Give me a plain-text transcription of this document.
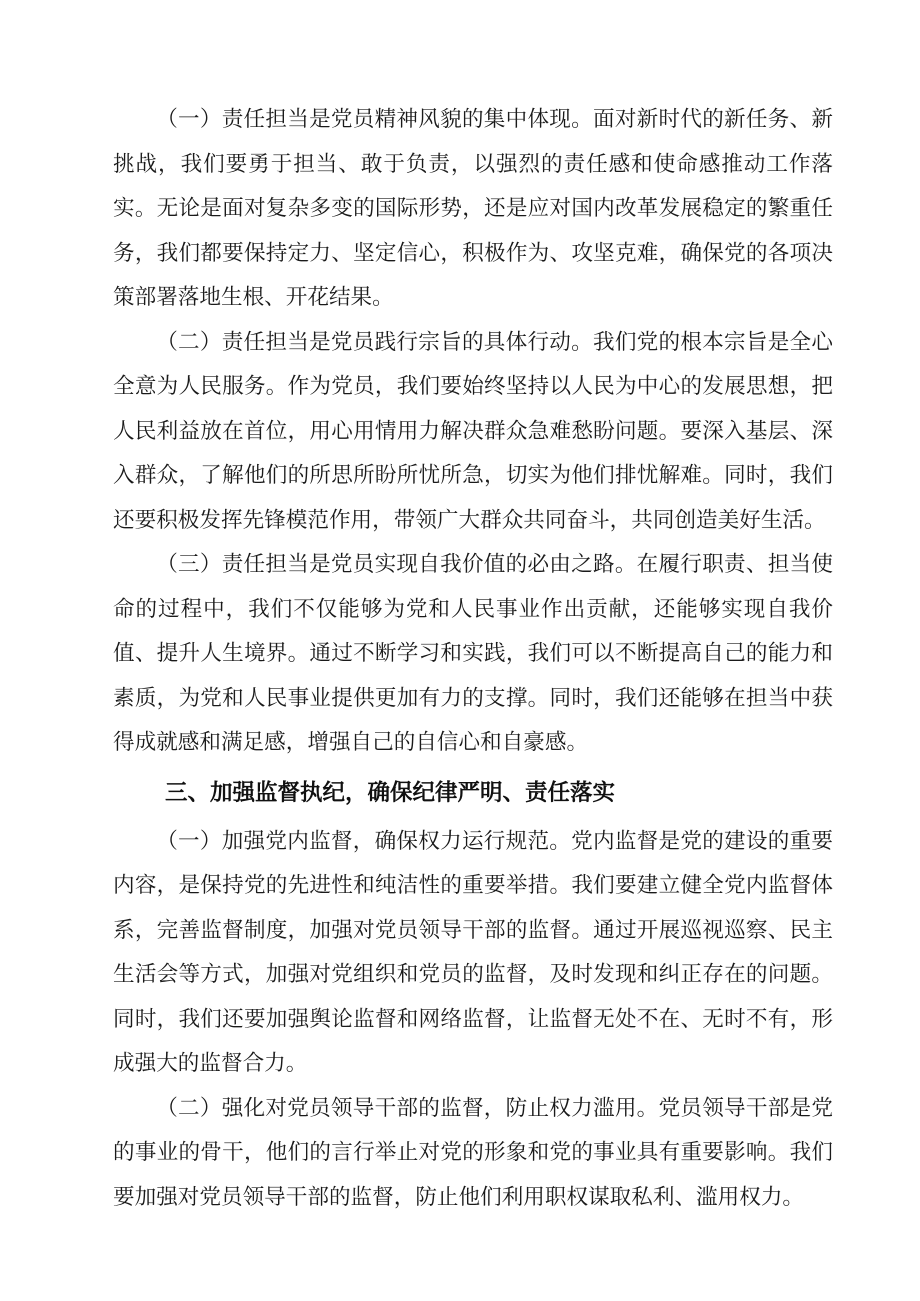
（一）责任担当是党员精神风貌的集中体现。面对新时代的新任务、新挑战，我们要勇于担当、敢于负责，以强烈的责任感和使命感推动工作落实。无论是面对复杂多变的国际形势，还是应对国内改革发展稳定的繁重任务，我们都要保持定力、坚定信心，积极作为、攻坚克难，确保党的各项决策部署落地生根、开花结果。

（二）责任担当是党员践行宗旨的具体行动。我们党的根本宗旨是全心全意为人民服务。作为党员，我们要始终坚持以人民为中心的发展思想，把人民利益放在首位，用心用情用力解决群众急难愁盼问题。要深入基层、深入群众，了解他们的所思所盼所忧所急，切实为他们排忧解难。同时，我们还要积极发挥先锋模范作用，带领广大群众共同奋斗，共同创造美好生活。

（三）责任担当是党员实现自我价值的必由之路。在履行职责、担当使命的过程中，我们不仅能够为党和人民事业作出贡献，还能够实现自我价值、提升人生境界。通过不断学习和实践，我们可以不断提高自己的能力和素质，为党和人民事业提供更加有力的支撑。同时，我们还能够在担当中获得成就感和满足感，增强自己的自信心和自豪感。

三、加强监督执纪，确保纪律严明、责任落实

（一）加强党内监督，确保权力运行规范。党内监督是党的建设的重要内容，是保持党的先进性和纯洁性的重要举措。我们要建立健全党内监督体系，完善监督制度，加强对党员领导干部的监督。通过开展巡视巡察、民主生活会等方式，加强对党组织和党员的监督，及时发现和纠正存在的问题。同时，我们还要加强舆论监督和网络监督，让监督无处不在、无时不有，形成强大的监督合力。

（二）强化对党员领导干部的监督，防止权力滥用。党员领导干部是党的事业的骨干，他们的言行举止对党的形象和党的事业具有重要影响。我们要加强对党员领导干部的监督，防止他们利用职权谋取私利、滥用权力。
